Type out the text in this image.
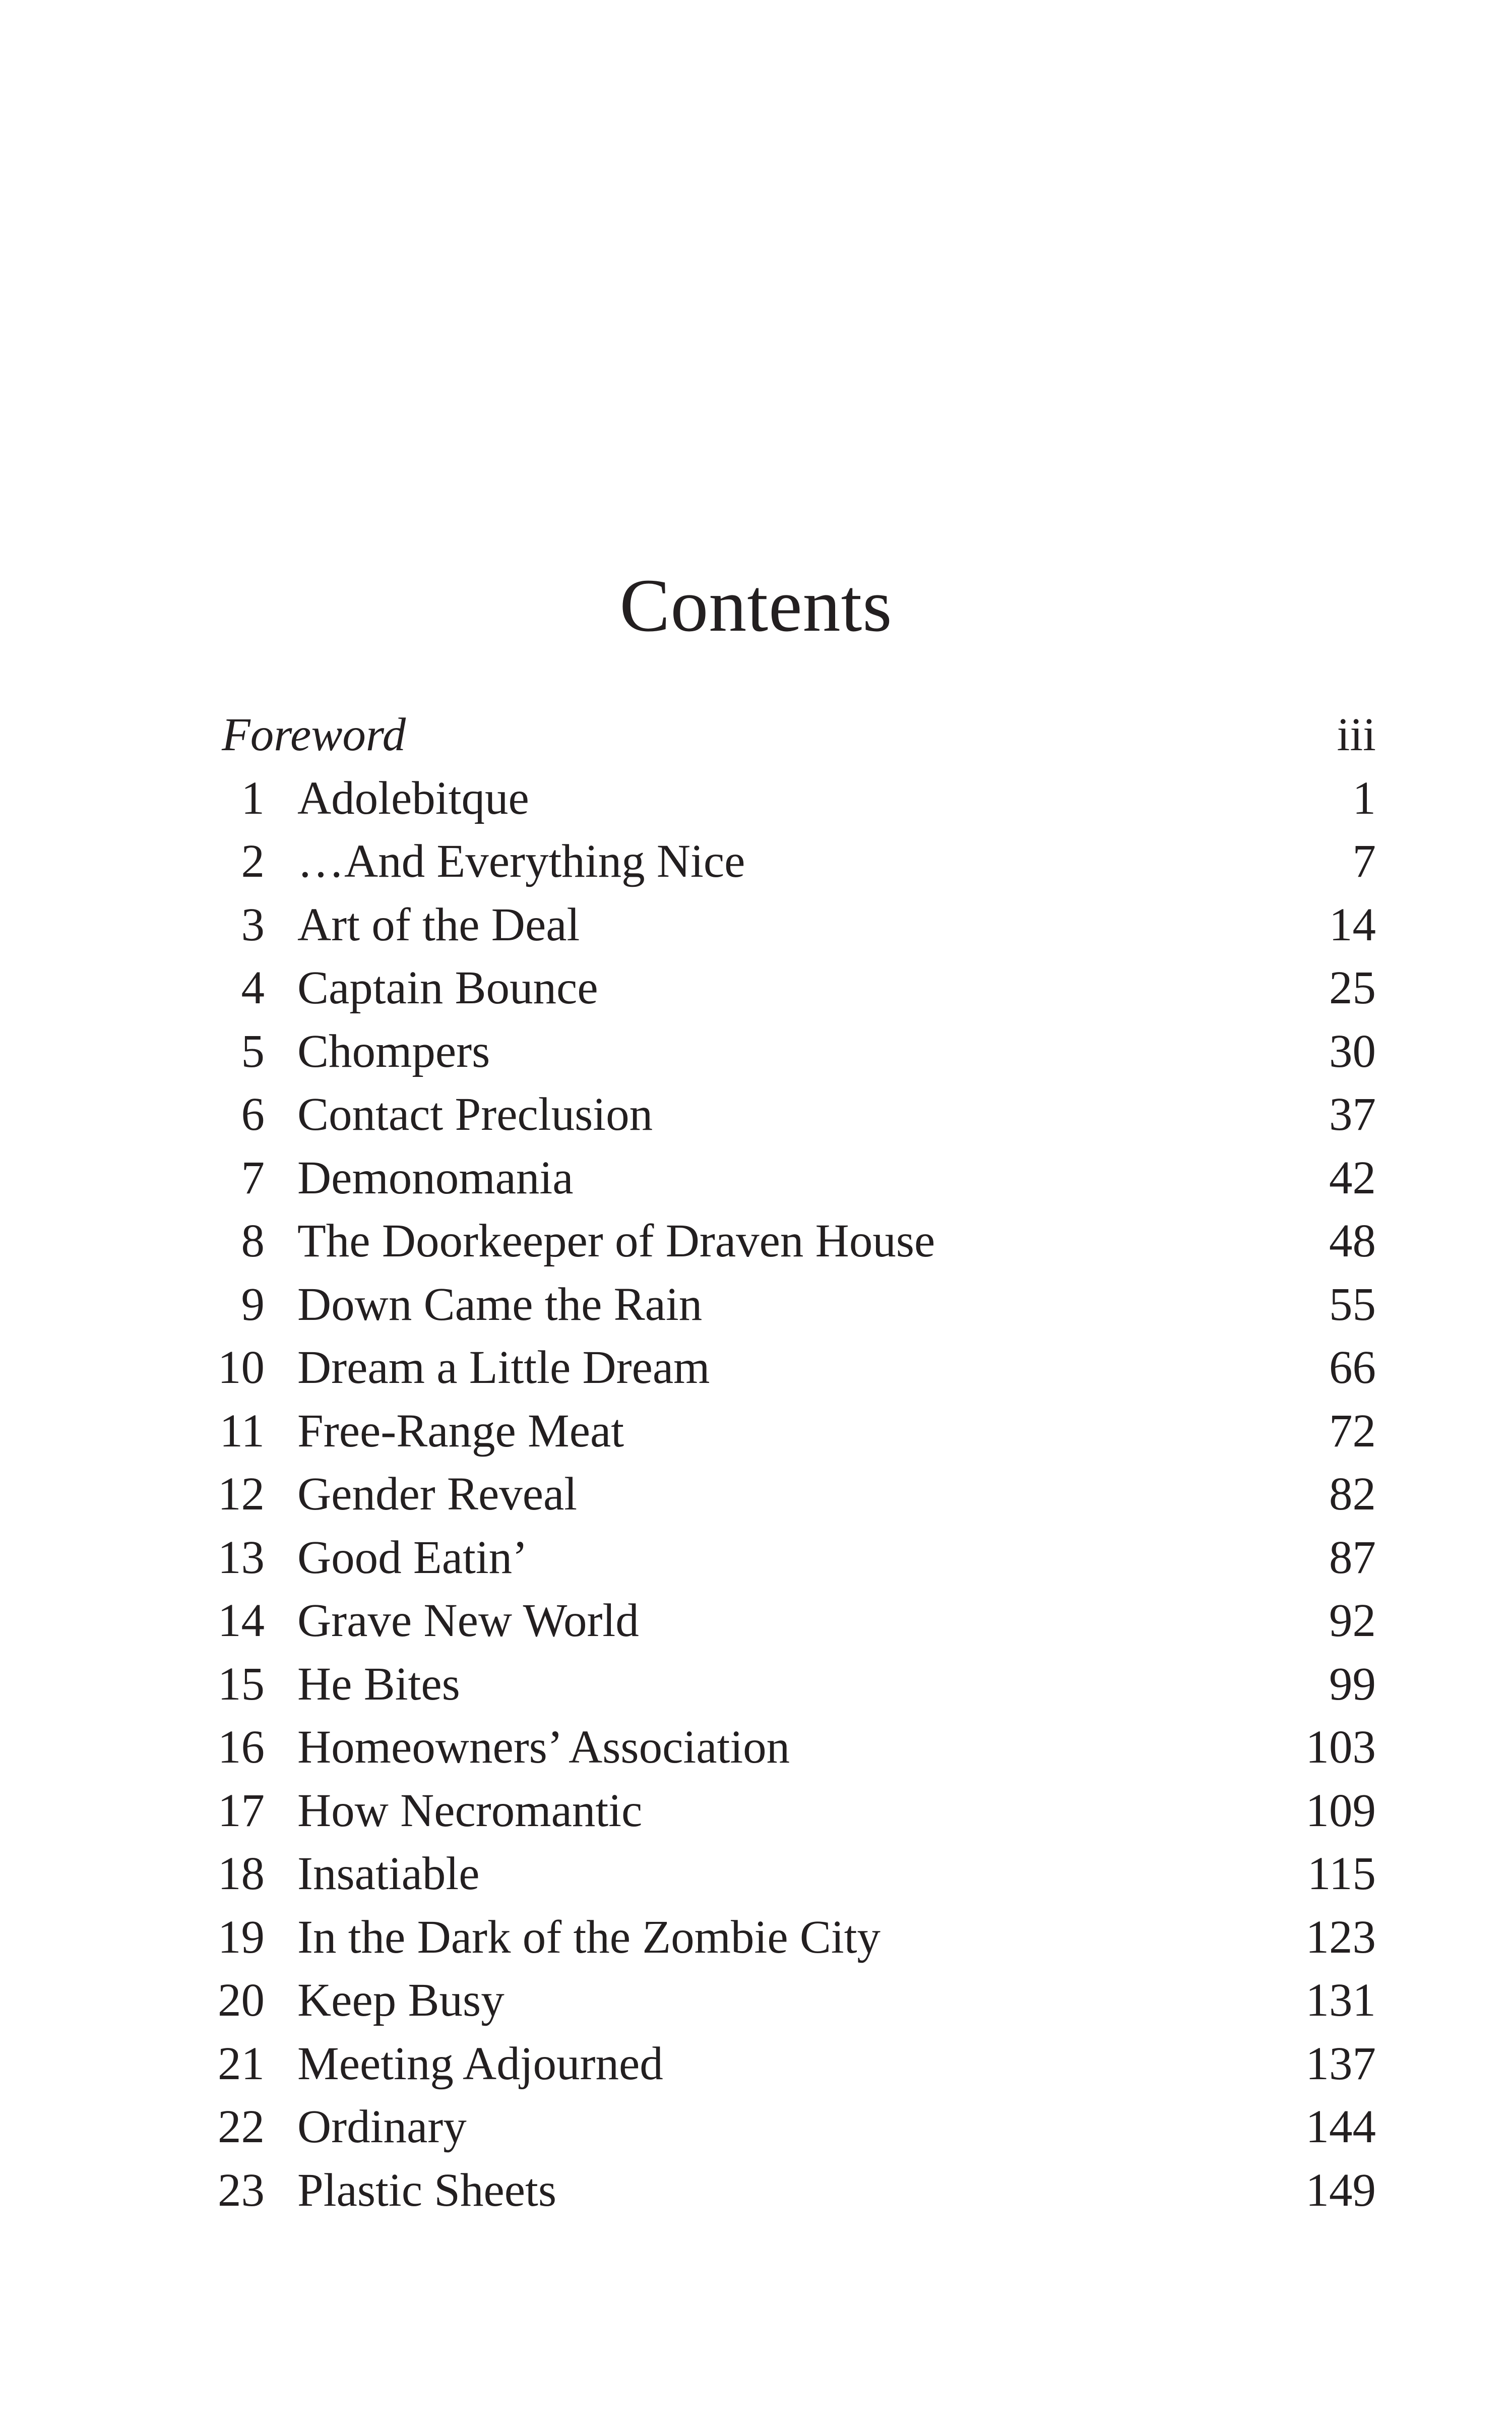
Contents
Foreword	iii
1 Adolebitque	1
2 …And Everything Nice	7
3 Art of the Deal	14
4 Captain Bounce	25
5 Chompers	30
6 Contact Preclusion	37
7 Demonomania	42
8 The Doorkeeper of Draven House	48
9 Down Came the Rain	55
10 Dream a Little Dream	66
11 Free-Range Meat	72
12 Gender Reveal	82
13 Good Eatin’	87
14 Grave New World	92
15 He Bites	99
16 Homeowners’ Association	103
17 How Necromantic	109
18 Insatiable	115
19 In the Dark of the Zombie City	123
20 Keep Busy	131
21 Meeting Adjourned	137
22 Ordinary	144
23 Plastic Sheets	149
